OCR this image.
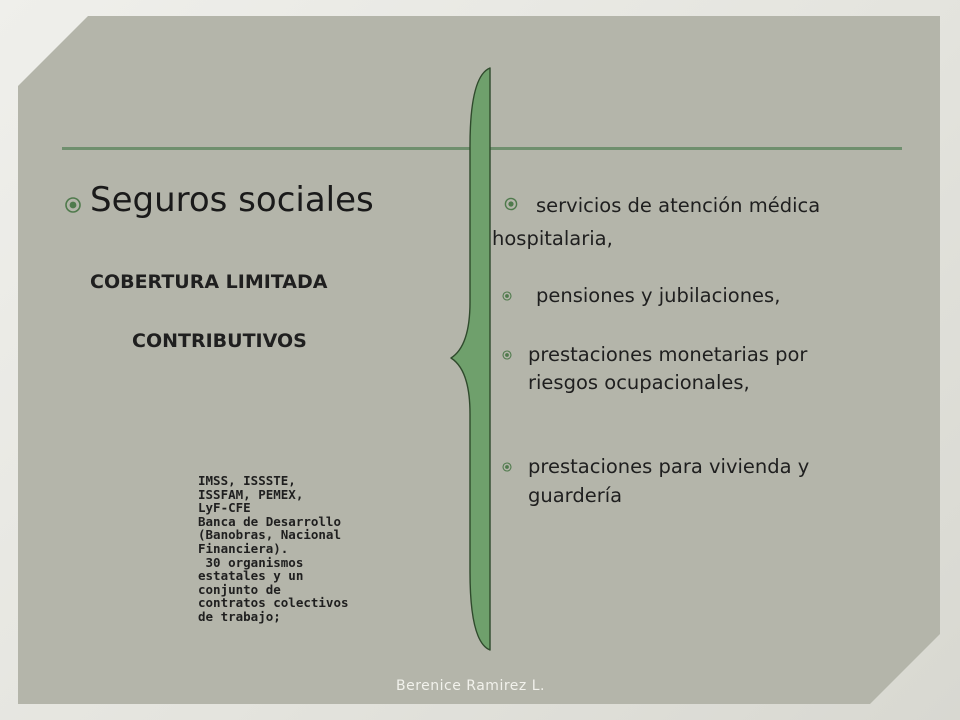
Seguros sociales
COBERTURA LIMITADA
CONTRIBUTIVOS
IMSS, ISSSTE,
ISSFAM, PEMEX,
LyF-CFE
Banca de Desarrollo
(Banobras, Nacional
Financiera).
30 organismos
estatales y un
conjunto de
contratos colectivos
de trabajo;
servicios de atención médica
hospitalaria,
pensiones y jubilaciones,
prestaciones monetarias por
riesgos ocupacionales,
prestaciones para vivienda y
guardería
Berenice Ramirez L.
